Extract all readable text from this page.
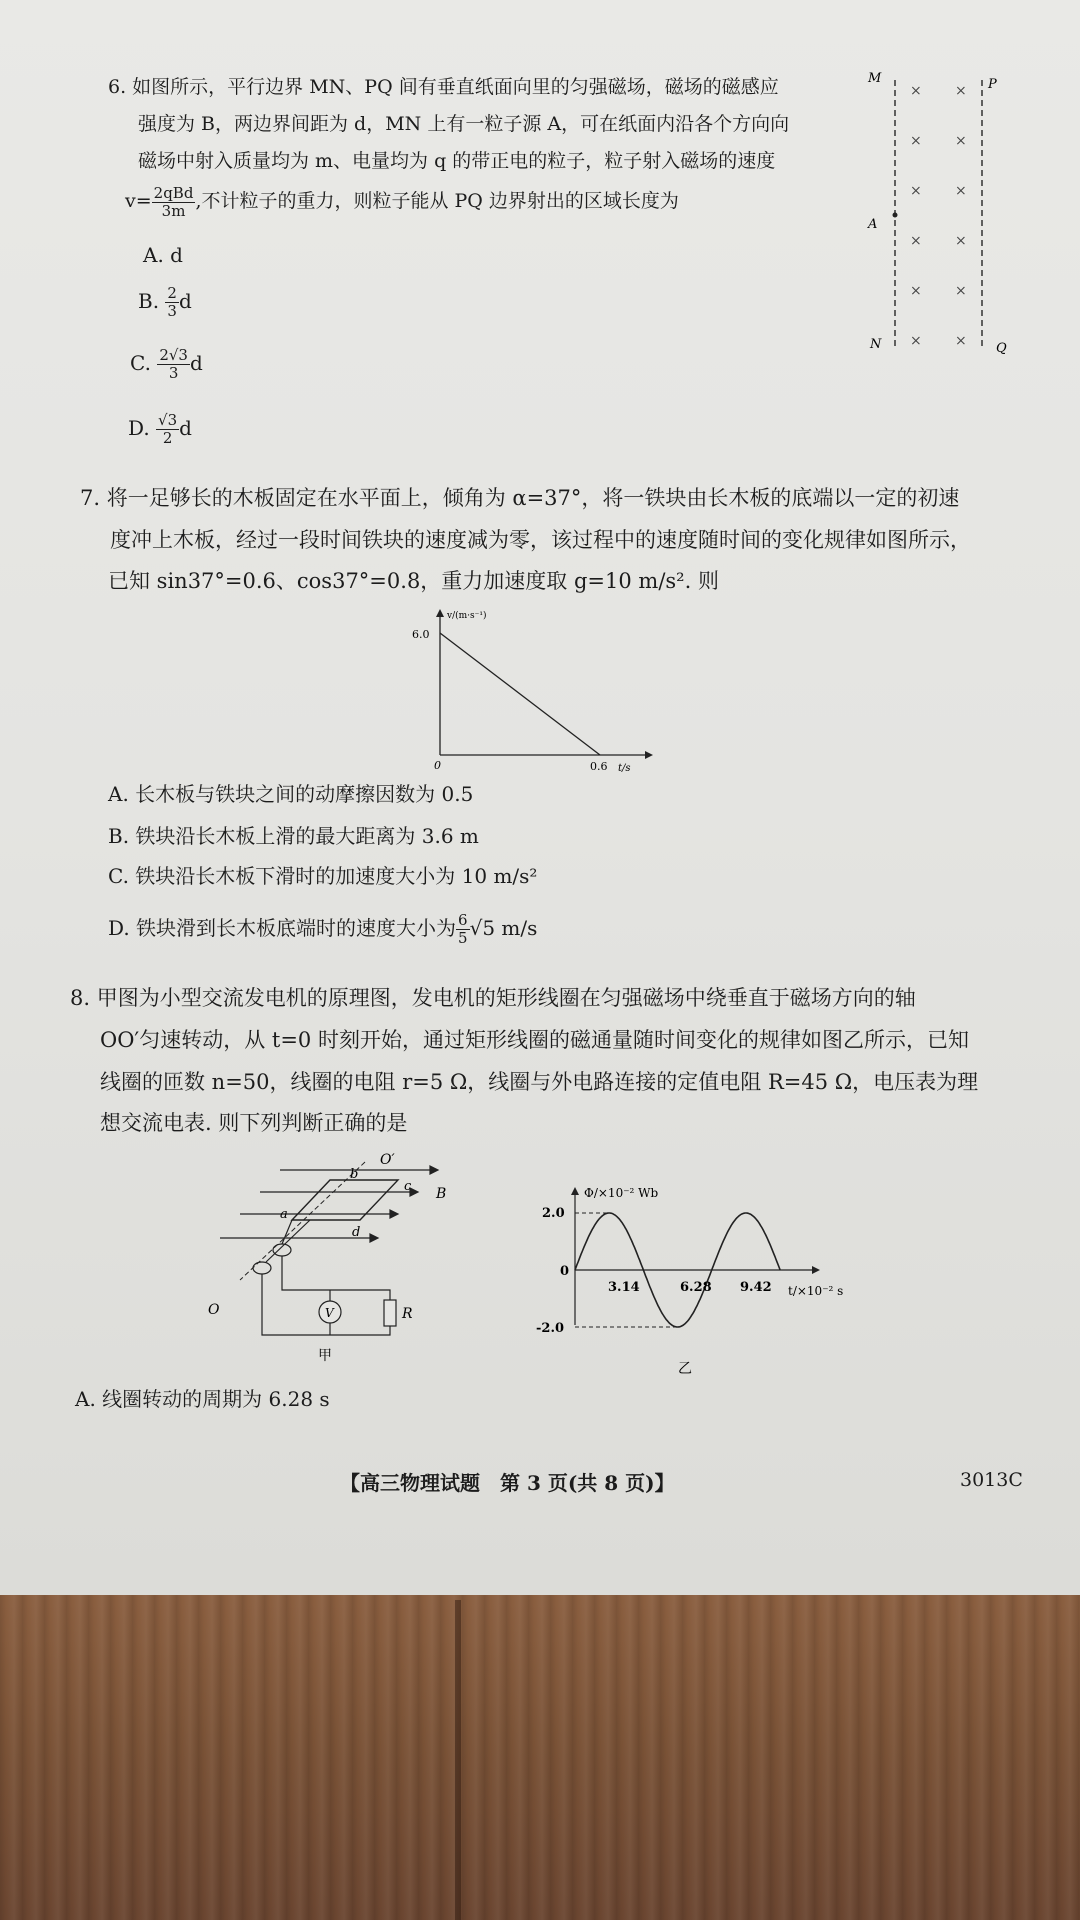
6. 如图所示，平行边界 MN、PQ 间有垂直纸面向里的匀强磁场，磁场的磁感应
强度为 B，两边界间距为 d，MN 上有一粒子源 A，可在纸面内沿各个方向向
磁场中射入质量均为 m、电量均为 q 的带正电的粒子，粒子射入磁场的速度
$v= \frac{\text{2qBd}}{3m}$ ,不计粒子的重力，则粒子能从 PQ 边界射出的区域长度为
A. d
B. $\frac{2}{3}$ d
C. $\frac{2√3}{3}$ d
D. $\frac{√3}{2}$ d
M	P
A
N	Q
× ×
× ×
× ×
× ×
× ×
× ×
7. 将一足够长的木板固定在水平面上，倾角为 α=37°，将一铁块由长木板的底端以一定的初速
度冲上木板，经过一段时间铁块的速度减为零，该过程中的速度随时间的变化规律如图所示，
已知 sin37°=0.6、cos37°=0.8，重力加速度取 g=10 m/s². 则
v/(m·s⁻¹)
t/s
6.0
0	0.6
A. 长木板与铁块之间的动摩擦因数为 0.5
B. 铁块沿长木板上滑的最大距离为 3.6 m
C. 铁块沿长木板下滑时的加速度大小为 10 m/s²
D. 铁块滑到长木板底端时的速度大小为 $\frac{6}{5} √5$ m/s
8. 甲图为小型交流发电机的原理图，发电机的矩形线圈在匀强磁场中绕垂直于磁场方向的轴
OO′匀速转动，从 t=0 时刻开始，通过矩形线圈的磁通量随时间变化的规律如图乙所示，已知
线圈的匝数 n=50，线圈的电阻 r=5 Ω，线圈与外电路连接的定值电阻 R=45 Ω，电压表为理
想交流电表. 则下列判断正确的是
V	R
O
O′
b
c
a
d
B
甲
Φ/×10⁻² Wb
t/×10⁻² s
2.0
0
-2.0
3.14	6.28 9.42
乙
A. 线圈转动的周期为 6.28 s
【高三物理试题　第 3 页(共 8 页)】	3013C
